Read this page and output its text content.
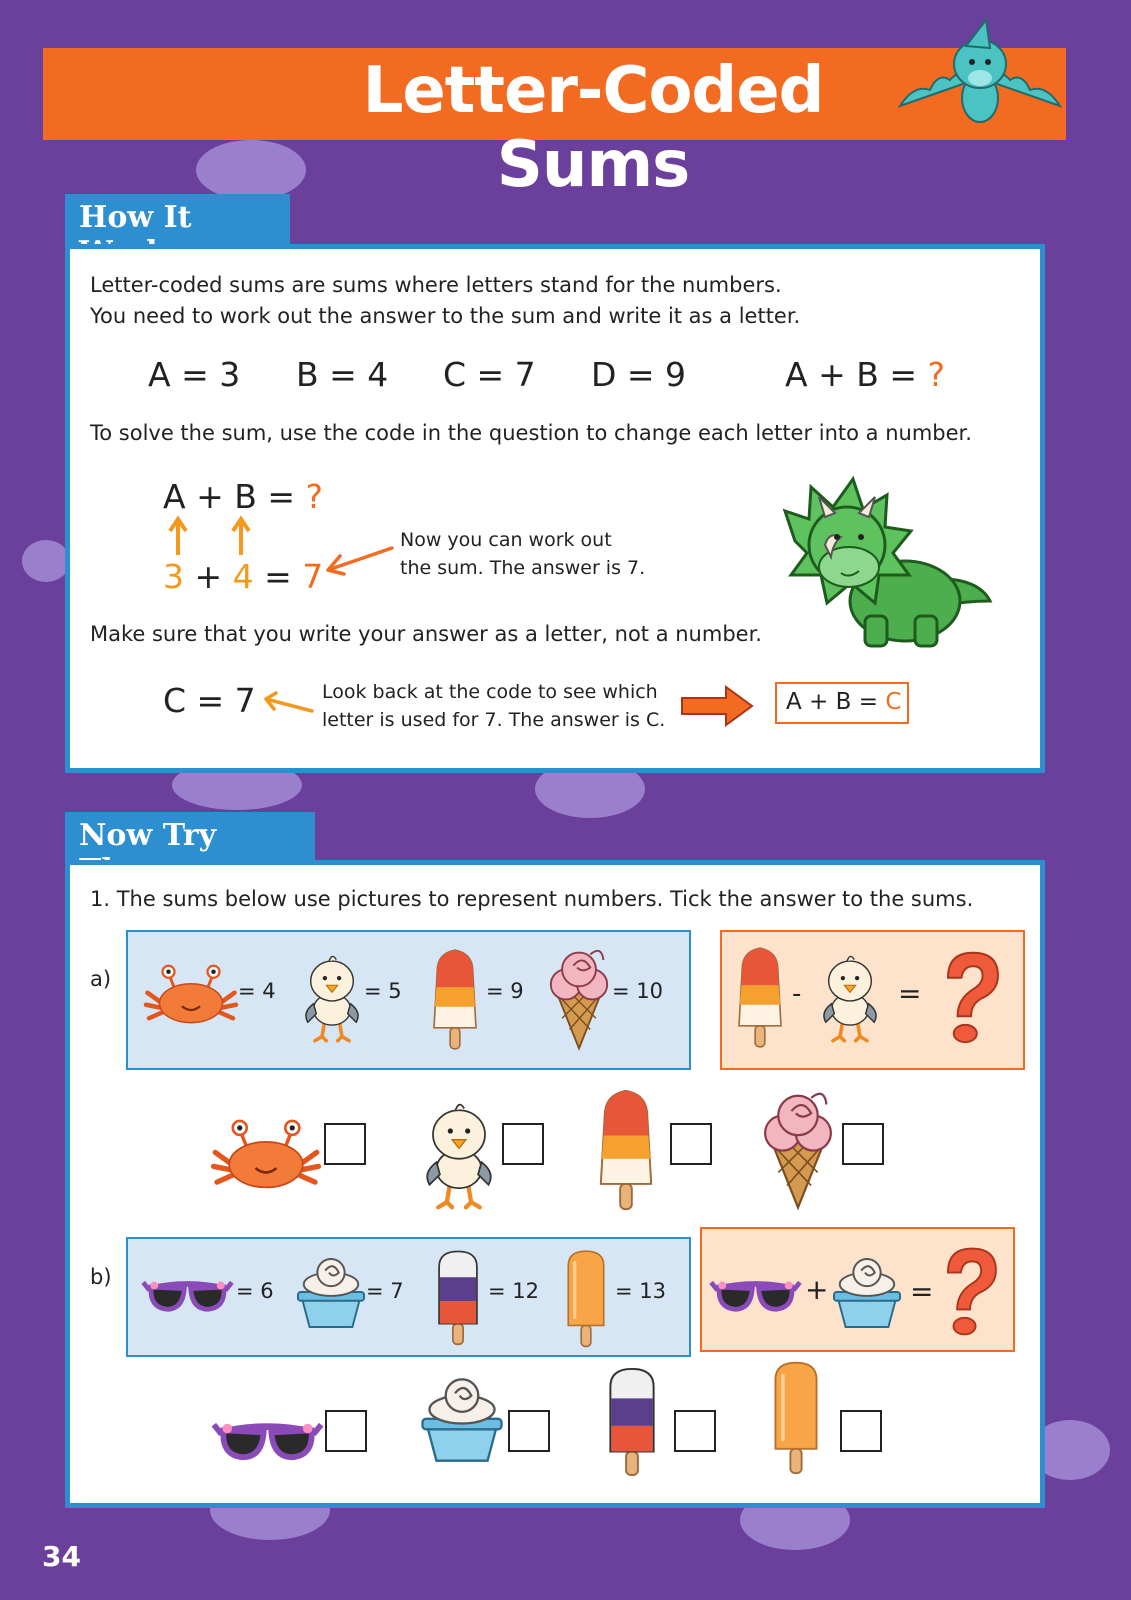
Letter-Coded Sums
How It
Letter-coded sums are sums where letters stand for the numbers.
You need to work out the answer to the sum and write it as a letter.
A = 3 B = 4 C = 7 D = 9	A + B = ?
To solve the sum, use the code in the question to change each letter into a number.
A + B = ?
3 + 4 = 7
Now you can work out
the sum. The answer is 7.
Make sure that you write your answer as a letter, not a number.
C = 7	Look back at the code to see which
letter is used for 7. The answer is C.
A + B = C
Now Try
1. The sums below use pictures to represent numbers. Tick the answer to the sums.
a)	= 4	= 5	= 9	= 10	-	=
b)
= 6	= 7	= 12	= 13	+	=
34
